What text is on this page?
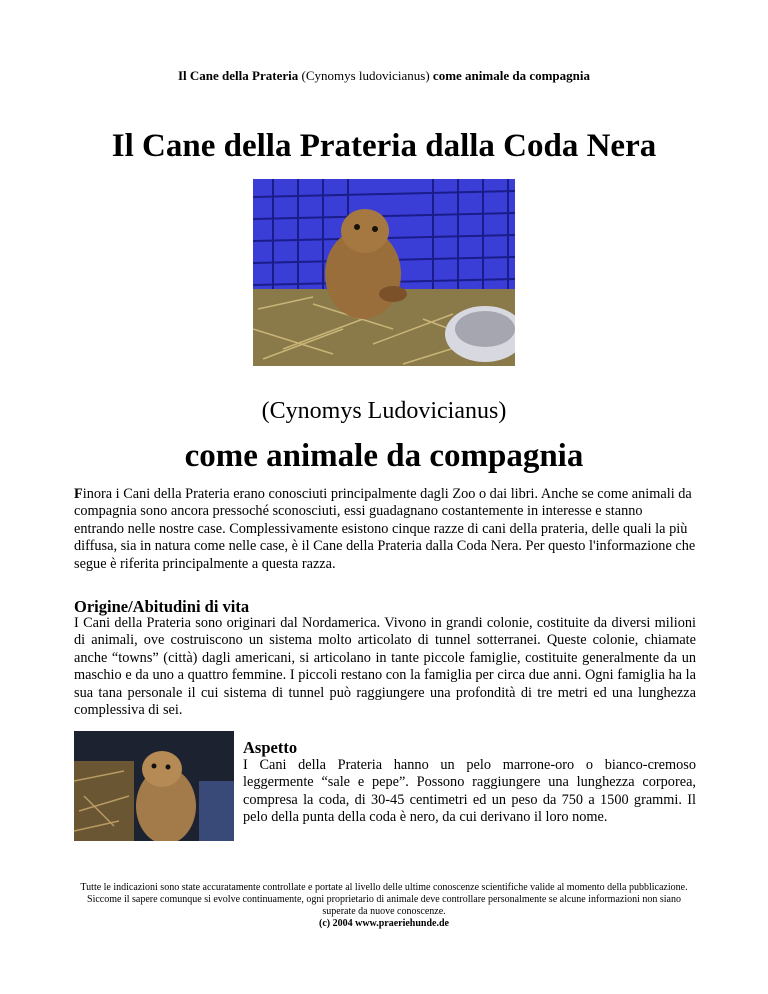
Il Cane della Prateria (Cynomys ludovicianus) come animale da compagnia
Il Cane della Prateria dalla Coda Nera
(Cynomys Ludovicianus)
come animale da compagnia

Finora i Cani della Prateria erano conosciuti principalmente dagli Zoo o dai libri. Anche se come animali da compagnia sono ancora pressoché sconosciuti, essi guadagnano costantemente in interesse e stanno entrando nelle nostre case. Complessivamente esistono cinque razze di cani della prateria, delle quali la più diffusa, sia in natura come nelle case, è il Cane della Prateria dalla Coda Nera. Per questo l'informazione che segue è riferita principalmente a questa razza.

Origine/Abitudini di vita

I Cani della Prateria sono originari dal Nordamerica. Vivono in grandi colonie, costituite da diversi milioni di animali, ove costruiscono un sistema molto articolato di tunnel sotterranei. Queste colonie, chiamate anche “towns” (città) dagli americani, si articolano in tante piccole famiglie, costituite generalmente da un maschio e da uno a quattro femmine. I piccoli restano con la famiglia per circa due anni. Ogni famiglia ha la sua tana personale il cui sistema di tunnel può raggiungere una profondità di tre metri ed una lunghezza complessiva di sei.

Aspetto

I Cani della Prateria hanno un pelo marrone-oro o bianco-cremoso leggermente “sale e pepe”. Possono raggiungere una lunghezza corporea, compresa la coda, di 30-45 centimetri ed un peso da 750 a 1500 grammi. Il pelo della punta della coda è nero, da cui derivano il loro nome.

Tutte le indicazioni sono state accuratamente controllate e portate al livello delle ultime conoscenze scientifiche valide al momento della pubblicazione. Siccome il sapere comunque si evolve continuamente, ogni proprietario di animale deve controllare personalmente se alcune informazioni non siano superate da nuove conoscenze.
(c) 2004 www.praeriehunde.de
